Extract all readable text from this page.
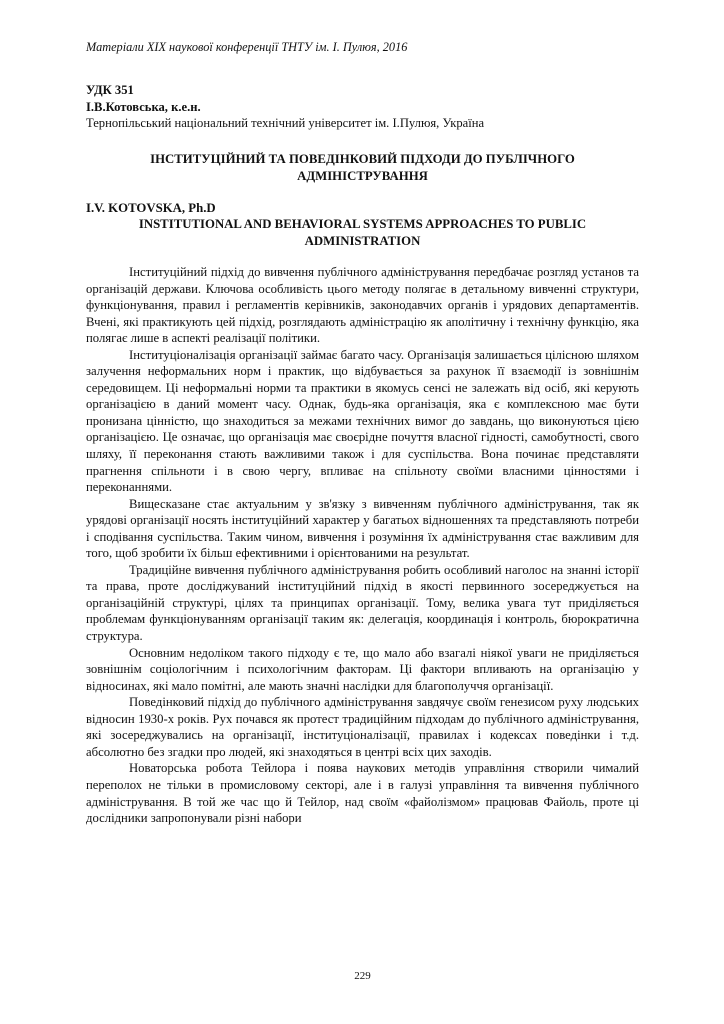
Матеріали XIX наукової конференції ТНТУ ім. І. Пулюя, 2016
УДК 351
І.В.Котовська, к.е.н.
Тернопільський національний технічний університет ім. І.Пулюя, Україна
ІНСТИТУЦІЙНИЙ ТА ПОВЕДІНКОВИЙ ПІДХОДИ ДО ПУБЛІЧНОГО АДМІНІСТРУВАННЯ
I.V. KOTOVSKA, Ph.D
INSTITUTIONAL AND BEHAVIORAL SYSTEMS APPROACHES TO PUBLIC ADMINISTRATION

Інституційний підхід до вивчення публічного адміністрування передбачає розгляд установ та організацій держави. Ключова особливість цього методу полягає в детальному вивченні структури, функціонування, правил і регламентів керівників, законодавчих органів і урядових департаментів. Вчені, які практикують цей підхід, розглядають адміністрацію як аполітичну і технічну функцію, яка полягає лише в аспекті реалізації політики.

Інституціоналізація організації займає багато часу. Організація залишається цілісною шляхом залучення неформальних норм і практик, що відбувається за рахунок її взаємодії із зовнішнім середовищем. Ці неформальні норми та практики в якомусь сенсі не залежать від осіб, які керують організацією в даний момент часу. Однак, будь-яка організація, яка є комплексною має бути пронизана цінністю, що знаходиться за межами технічних вимог до завдань, що виконуються цією організацією. Це означає, що організація має своєрідне почуття власної гідності, самобутності, свого шляху, її переконання стають важливими також і для суспільства. Вона починає представляти прагнення спільноти і в свою чергу, впливає на спільноту своїми власними цінностями і переконаннями.

Вищесказане стає актуальним у зв'язку з вивченням публічного адміністрування, так як урядові організації носять інституційний характер у багатьох відношеннях та представляють потреби і сподівання суспільства. Таким чином, вивчення і розуміння їх адміністрування стає важливим для того, щоб зробити їх більш ефективними і орієнтованими на результат.

Традиційне вивчення публічного адміністрування робить особливий наголос на знанні історії та права, проте досліджуваний інституційний підхід в якості первинного зосереджується на організаційній структурі, цілях та принципах організації. Тому, велика увага тут приділяється проблемам функціонуванням організації таким як: делегація, координація і контроль, бюрократична структура.

Основним недоліком такого підходу є те, що мало або взагалі ніякої уваги не приділяється зовнішнім соціологічним і психологічним факторам. Ці фактори впливають на організацію у відносинах, які мало помітні, але мають значні наслідки для благополуччя організації.

Поведінковий підхід до публічного адміністрування завдячує своїм генезисом руху людських відносин 1930-х років. Рух почався як протест традиційним підходам до публічного адміністрування, які зосереджувались на організації, інституціоналізації, правилах і кодексах поведінки і т.д. абсолютно без згадки про людей, які знаходяться в центрі всіх цих заходів.

Новаторська робота Тейлора і поява наукових методів управління створили чималий переполох не тільки в промисловому секторі, але і в галузі управління та вивчення публічного адміністрування. В той же час що й Тейлор, над своїм «файолізмом» працював Файоль, проте ці дослідники запропонували різні набори

229
